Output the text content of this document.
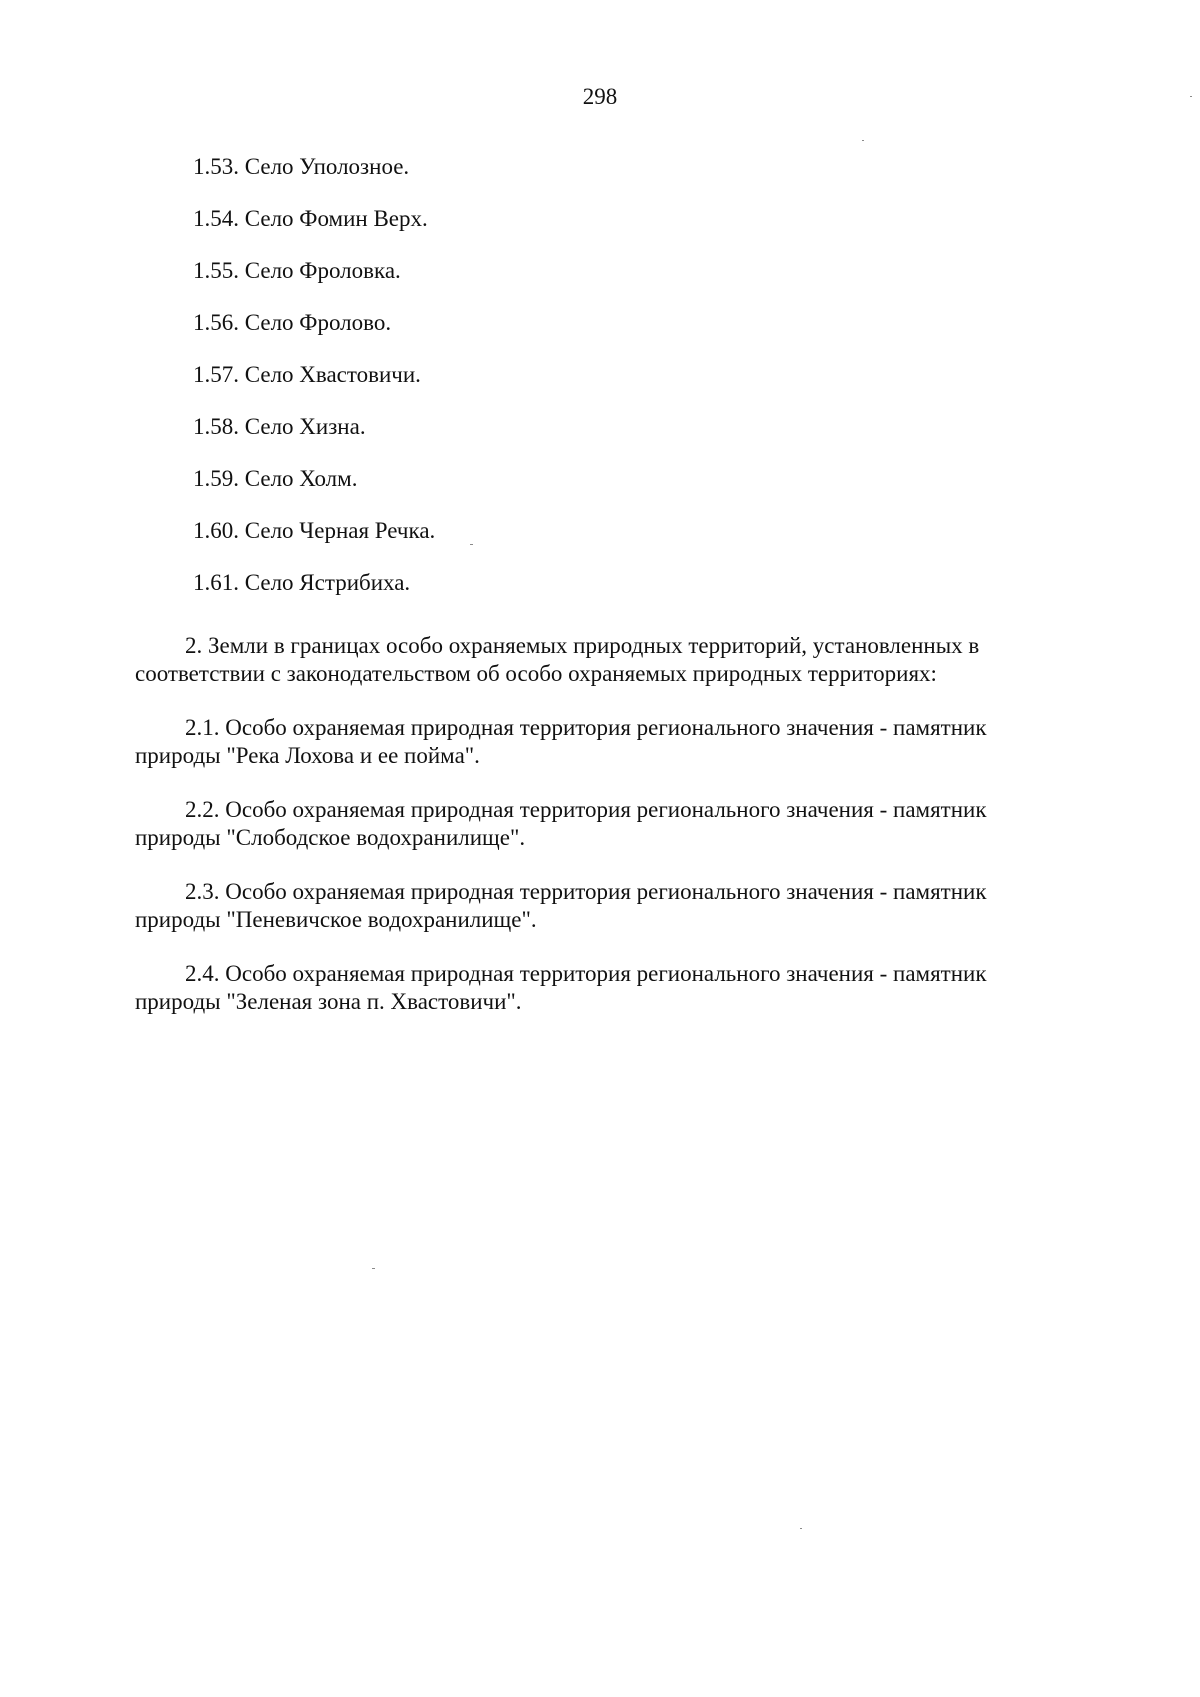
298
1.53. Село Уполозное.
1.54. Село Фомин Верх.
1.55. Село Фроловка.
1.56. Село Фролово.
1.57. Село Хвастовичи.
1.58. Село Хизна.
1.59. Село Холм.
1.60. Село Черная Речка.
1.61. Село Ястрибиха.

2. Земли в границах особо охраняемых природных территорий, установленных в
соответствии с законодательством об особо охраняемых природных территориях:

2.1. Особо охраняемая природная территория регионального значения - памятник
природы "Река Лохова и ее пойма".

2.2. Особо охраняемая природная территория регионального значения - памятник
природы "Слободское водохранилище".

2.3. Особо охраняемая природная территория регионального значения - памятник
природы "Пеневичское водохранилище".

2.4. Особо охраняемая природная территория регионального значения - памятник
природы "Зеленая зона п. Хвастовичи".
